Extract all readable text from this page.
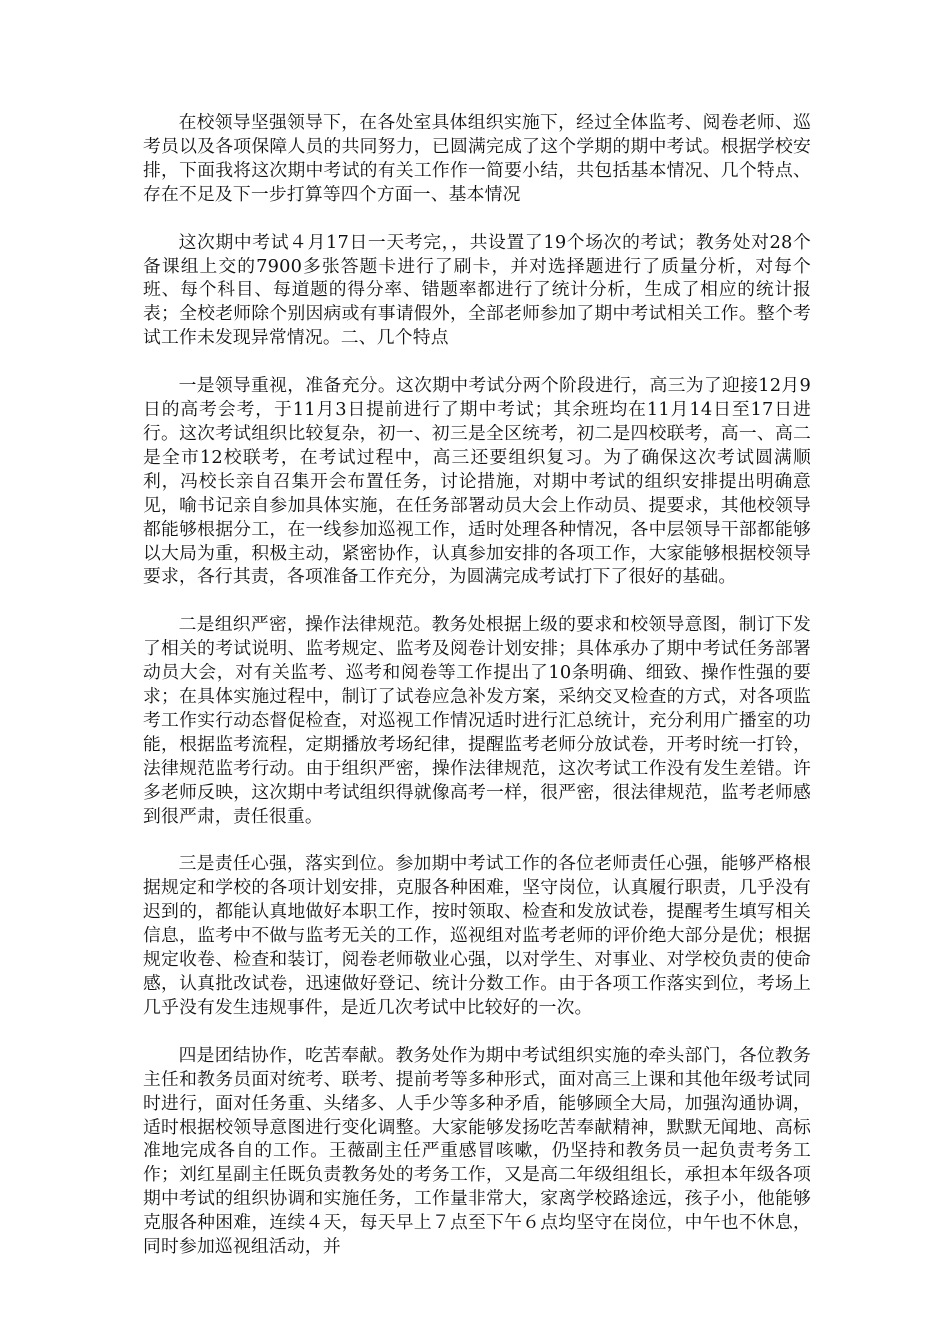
在校领导坚强领导下，在各处室具体组织实施下，经过全体监考、阅卷老师、巡考员以及各项保障人员的共同努力，已圆满完成了这个学期的期中考试。根据学校安排，下面我将这次期中考试的有关工作作一简要小结，共包括基本情况、几个特点、存在不足及下一步打算等四个方面一、基本情况

这次期中考试４月17日一天考完，，共设置了19个场次的考试；教务处对28个备课组上交的7900多张答题卡进行了刷卡，并对选择题进行了质量分析，对每个班、每个科目、每道题的得分率、错题率都进行了统计分析，生成了相应的统计报表；全校老师除个别因病或有事请假外，全部老师参加了期中考试相关工作。整个考试工作未发现异常情况。二、几个特点

一是领导重视，准备充分。这次期中考试分两个阶段进行，高三为了迎接12月9日的高考会考，于11月3日提前进行了期中考试；其余班均在11月14日至17日进行。这次考试组织比较复杂，初一、初三是全区统考，初二是四校联考，高一、高二是全市12校联考，在考试过程中，高三还要组织复习。为了确保这次考试圆满顺利，冯校长亲自召集开会布置任务，讨论措施，对期中考试的组织安排提出明确意见，喻书记亲自参加具体实施，在任务部署动员大会上作动员、提要求，其他校领导都能够根据分工，在一线参加巡视工作，适时处理各种情况，各中层领导干部都能够以大局为重，积极主动，紧密协作，认真参加安排的各项工作，大家能够根据校领导要求，各行其责，各项准备工作充分，为圆满完成考试打下了很好的基础。

二是组织严密，操作法律规范。教务处根据上级的要求和校领导意图，制订下发了相关的考试说明、监考规定、监考及阅卷计划安排；具体承办了期中考试任务部署动员大会，对有关监考、巡考和阅卷等工作提出了10条明确、细致、操作性强的要求；在具体实施过程中，制订了试卷应急补发方案，采纳交叉检查的方式，对各项监考工作实行动态督促检查，对巡视工作情况适时进行汇总统计，充分利用广播室的功能，根据监考流程，定期播放考场纪律，提醒监考老师分放试卷，开考时统一打铃，法律规范监考行动。由于组织严密，操作法律规范，这次考试工作没有发生差错。许多老师反映，这次期中考试组织得就像高考一样，很严密，很法律规范，监考老师感到很严肃，责任很重。

三是责任心强，落实到位。参加期中考试工作的各位老师责任心强，能够严格根据规定和学校的各项计划安排，克服各种困难，坚守岗位，认真履行职责，几乎没有迟到的，都能认真地做好本职工作，按时领取、检查和发放试卷，提醒考生填写相关信息，监考中不做与监考无关的工作，巡视组对监考老师的评价绝大部分是优；根据规定收卷、检查和装订，阅卷老师敬业心强，以对学生、对事业、对学校负责的使命感，认真批改试卷，迅速做好登记、统计分数工作。由于各项工作落实到位，考场上几乎没有发生违规事件，是近几次考试中比较好的一次。

四是团结协作，吃苦奉献。教务处作为期中考试组织实施的牵头部门，各位教务主任和教务员面对统考、联考、提前考等多种形式，面对高三上课和其他年级考试同时进行，面对任务重、头绪多、人手少等多种矛盾，能够顾全大局，加强沟通协调，适时根据校领导意图进行变化调整。大家能够发扬吃苦奉献精神，默默无闻地、高标准地完成各自的工作。王薇副主任严重感冒咳嗽，仍坚持和教务员一起负责考务工作；刘红星副主任既负责教务处的考务工作，又是高二年级组组长，承担本年级各项期中考试的组织协调和实施任务，工作量非常大，家离学校路途远，孩子小，他能够克服各种困难，连续４天，每天早上７点至下午６点均坚守在岗位，中午也不休息，同时参加巡视组活动，并
